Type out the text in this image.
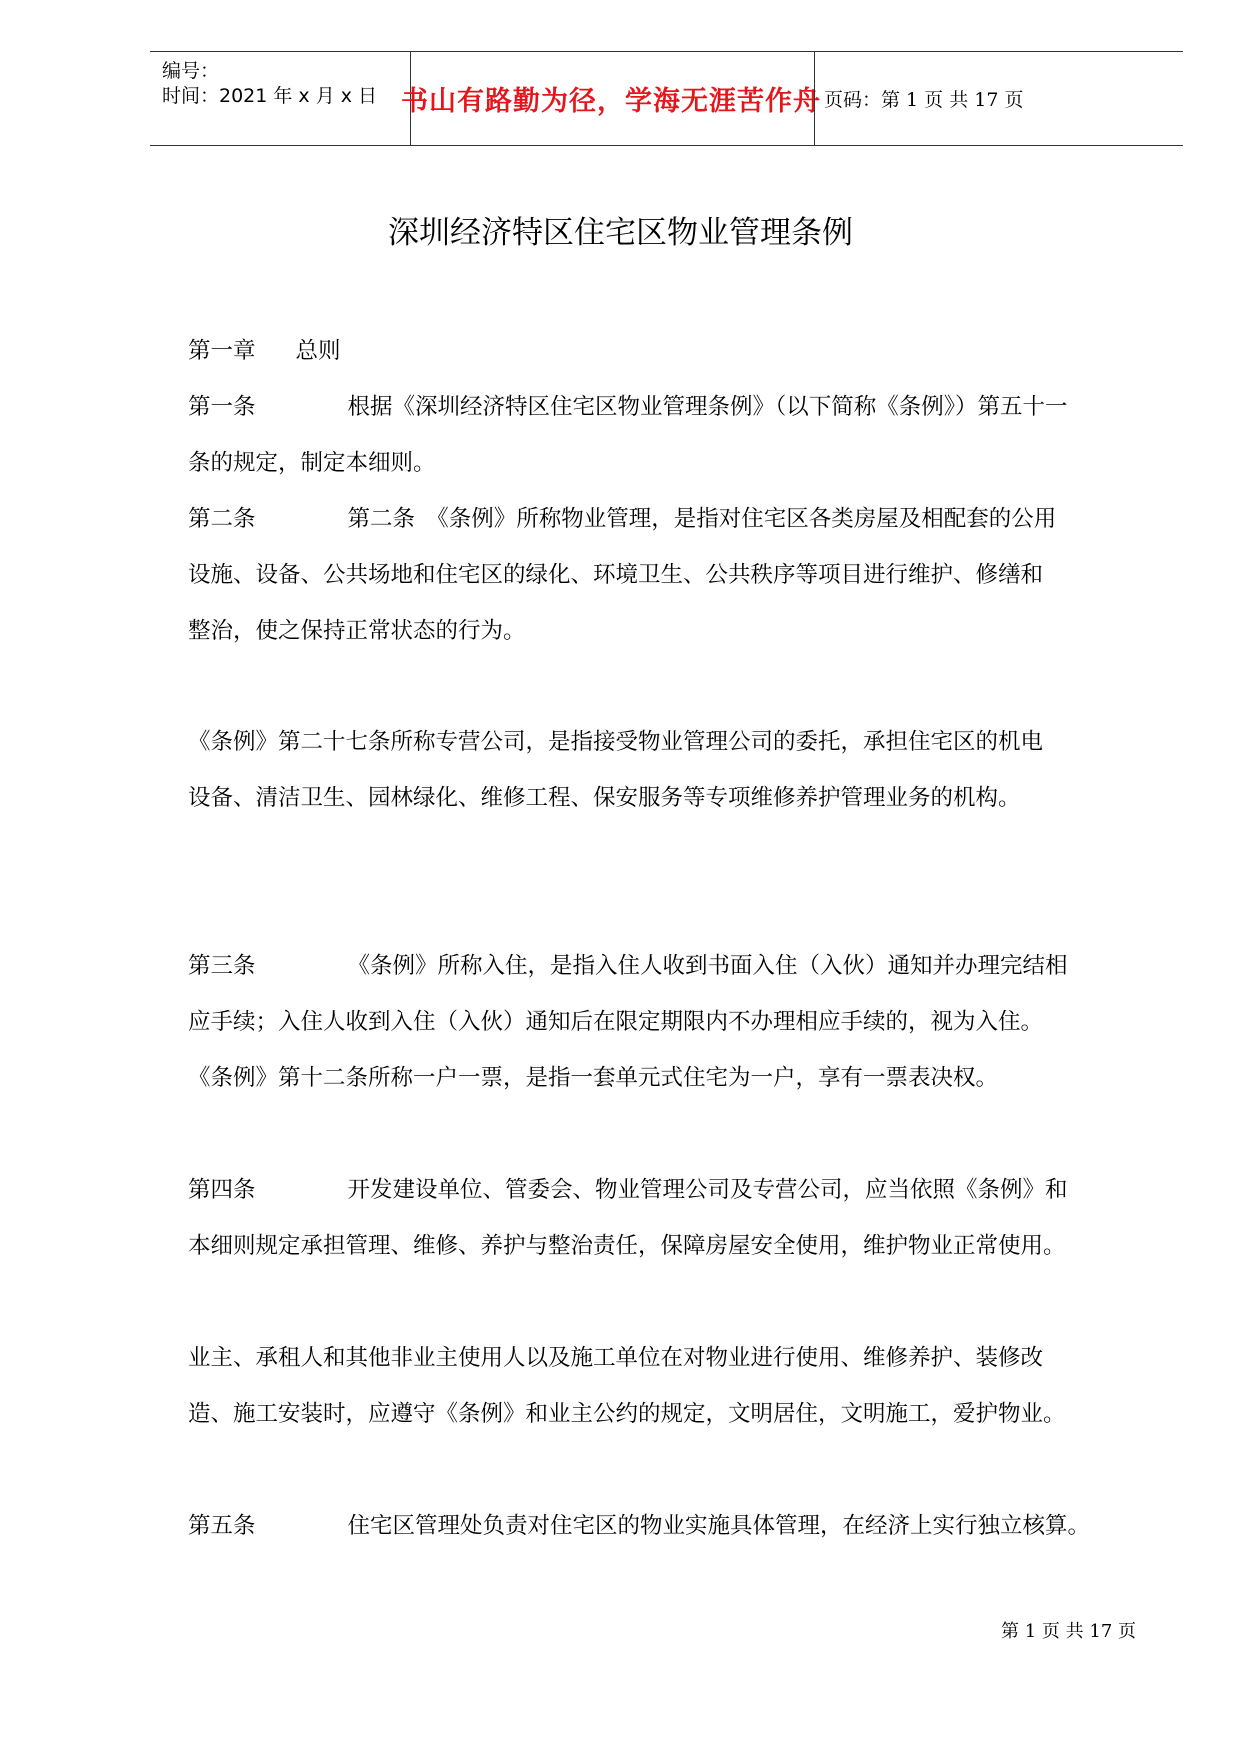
编号：
时间：2021 年 x 月 x 日 书山有路勤为径，学海无涯苦作舟 页码：第 1 页 共 17 页
深圳经济特区住宅区物业管理条例
第一章 总则
第一条	根据《深圳经济特区住宅区物业管理条例》（以下简称《条例》）第五十一
条的规定，制定本细则。
第二条	第二条　《条例》所称物业管理，是指对住宅区各类房屋及相配套的公用
设施、设备、公共场地和住宅区的绿化、环境卫生、公共秩序等项目进行维护、修缮和
整治，使之保持正常状态的行为。
《条例》第二十七条所称专营公司，是指接受物业管理公司的委托，承担住宅区的机电
设备、清洁卫生、园林绿化、维修工程、保安服务等专项维修养护管理业务的机构。
第三条	《条例》所称入住，是指入住人收到书面入住（入伙）通知并办理完结相
应手续；入住人收到入住（入伙）通知后在限定期限内不办理相应手续的，视为入住。
《条例》第十二条所称一户一票，是指一套单元式住宅为一户，享有一票表决权。
第四条	开发建设单位、管委会、物业管理公司及专营公司，应当依照《条例》和
本细则规定承担管理、维修、养护与整治责任，保障房屋安全使用，维护物业正常使用。
业主、承租人和其他非业主使用人以及施工单位在对物业进行使用、维修养护、装修改
造、施工安装时，应遵守《条例》和业主公约的规定，文明居住，文明施工，爱护物业。
第五条	住宅区管理处负责对住宅区的物业实施具体管理，在经济上实行独立核算。
第 1 页 共 17 页
